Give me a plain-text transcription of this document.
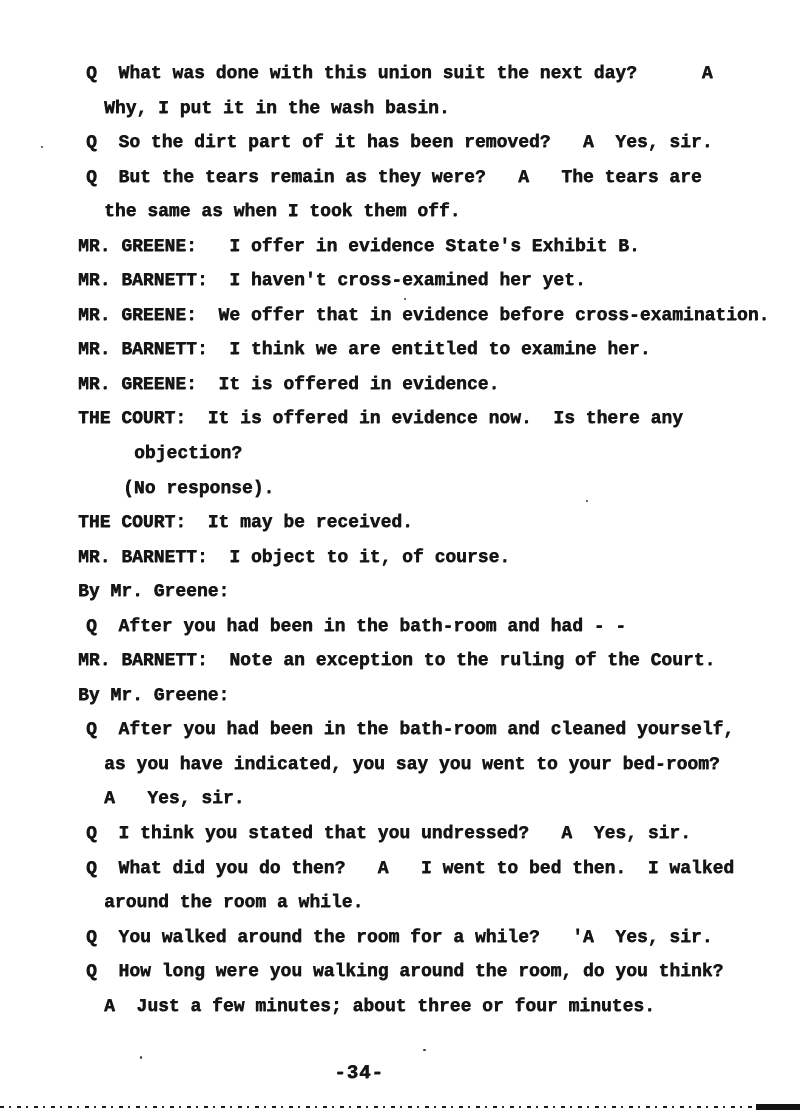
Q  What was done with this union suit the next day?      A
Why, I put it in the wash basin.
Q  So the dirt part of it has been removed?   A  Yes, sir.
Q  But the tears remain as they were?   A   The tears are
the same as when I took them off.
MR. GREENE:   I offer in evidence State's Exhibit B.
MR. BARNETT:  I haven't cross-examined her yet.
MR. GREENE:  We offer that in evidence before cross-examination.
MR. BARNETT:  I think we are entitled to examine her.
MR. GREENE:  It is offered in evidence.
THE COURT:  It is offered in evidence now.  Is there any
objection?
(No response).
THE COURT:  It may be received.
MR. BARNETT:  I object to it, of course.
By Mr. Greene:
Q  After you had been in the bath-room and had - -
MR. BARNETT:  Note an exception to the ruling of the Court.
By Mr. Greene:
Q  After you had been in the bath-room and cleaned yourself,
as you have indicated, you say you went to your bed-room?
A   Yes, sir.
Q  I think you stated that you undressed?   A  Yes, sir.
Q  What did you do then?   A   I went to bed then.  I walked
around the room a while.
Q  You walked around the room for a while?   'A  Yes, sir.
Q  How long were you walking around the room, do you think?
A  Just a few minutes; about three or four minutes.
-34-
